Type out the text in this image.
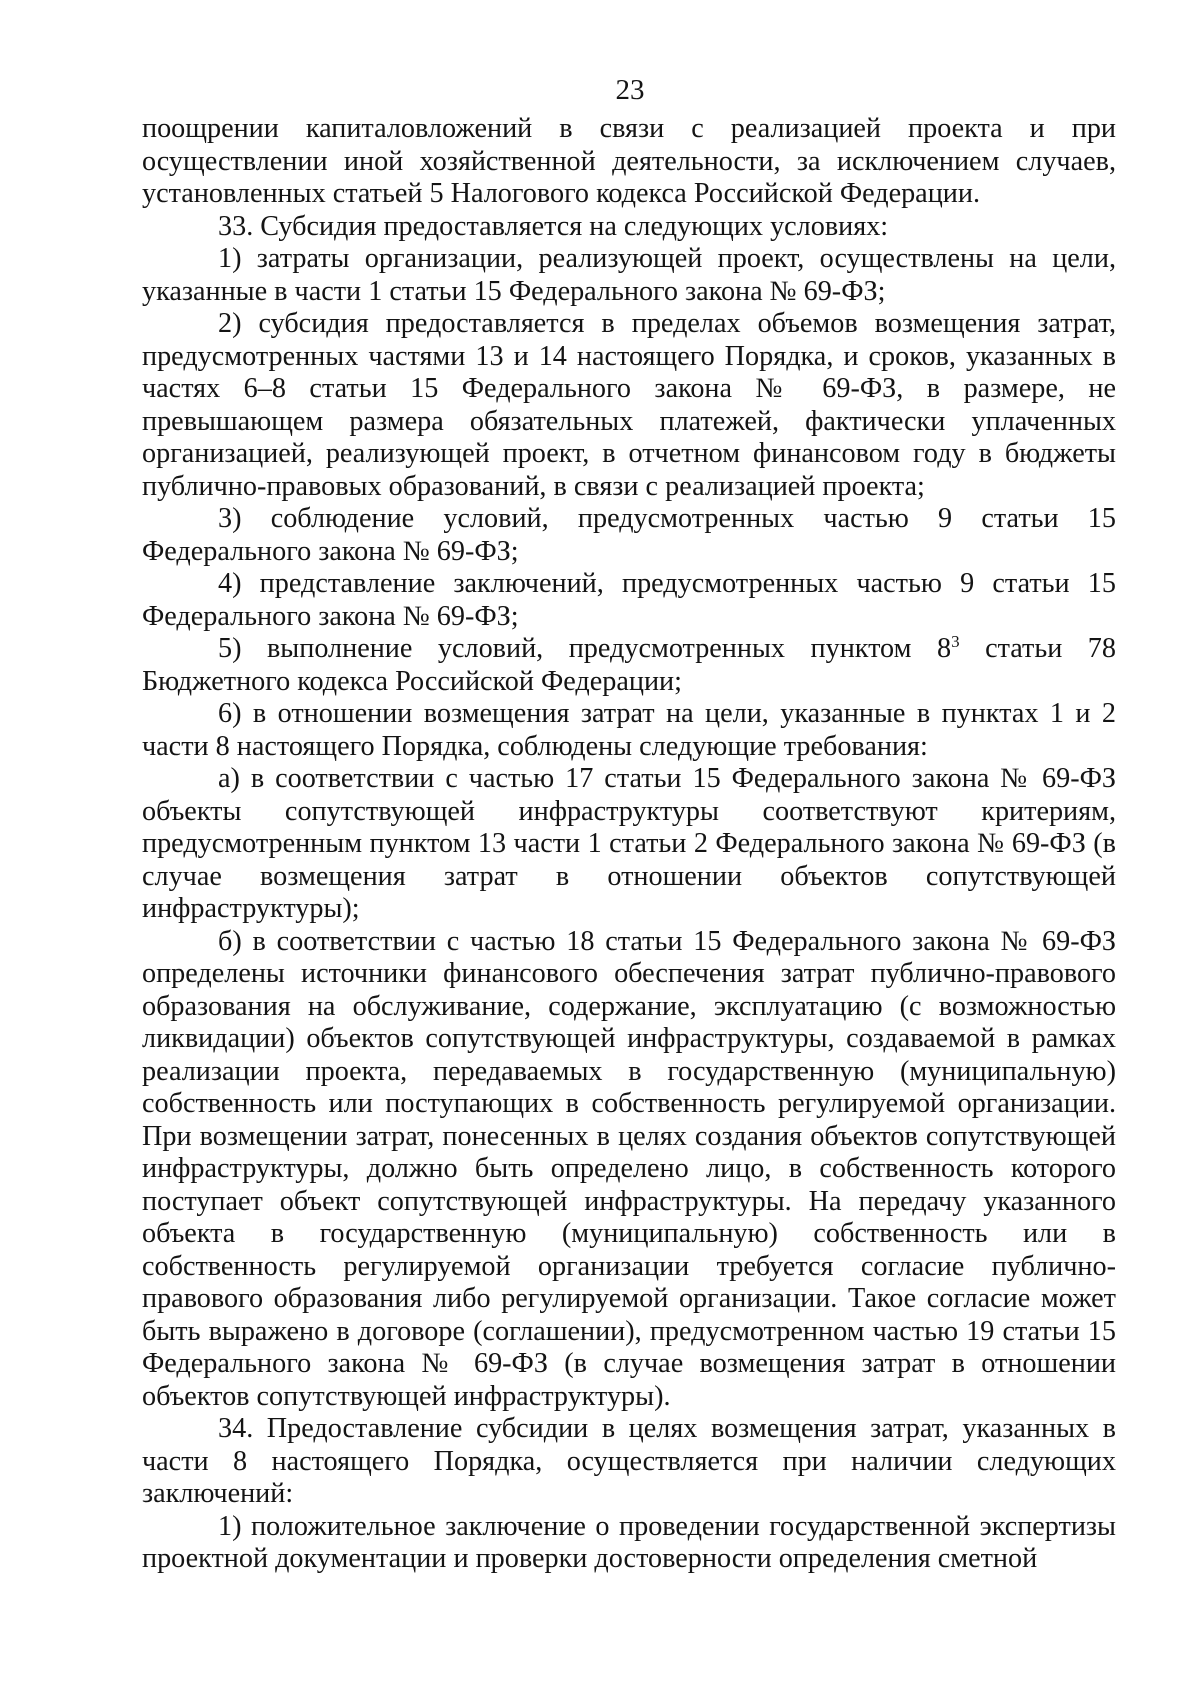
23

поощрении капиталовложений в связи с реализацией проекта и при осуществлении иной хозяйственной деятельности, за исключением случаев, установленных статьей 5 Налогового кодекса Российской Федерации.

33. Субсидия предоставляется на следующих условиях:

1) затраты организации, реализующей проект, осуществлены на цели, указанные в части 1 статьи 15 Федерального закона № 69-ФЗ;

2) субсидия предоставляется в пределах объемов возмещения затрат, предусмотренных частями 13 и 14 настоящего Порядка, и сроков, указанных в частях 6–8 статьи 15 Федерального закона № 69-ФЗ, в размере, не превышающем размера обязательных платежей, фактически уплаченных организацией, реализующей проект, в отчетном финансовом году в бюджеты публично-правовых образований, в связи с реализацией проекта;

3) соблюдение условий, предусмотренных частью 9 статьи 15 Федерального закона № 69-ФЗ;

4) представление заключений, предусмотренных частью 9 статьи 15 Федерального закона № 69-ФЗ;

5) выполнение условий, предусмотренных пунктом $8^3$ статьи 78 Бюджетного кодекса Российской Федерации;

6) в отношении возмещения затрат на цели, указанные в пунктах 1 и 2 части 8 настоящего Порядка, соблюдены следующие требования:

а) в соответствии с частью 17 статьи 15 Федерального закона № 69-ФЗ объекты сопутствующей инфраструктуры соответствуют критериям, предусмотренным пунктом 13 части 1 статьи 2 Федерального закона № 69-ФЗ (в случае возмещения затрат в отношении объектов сопутствующей инфраструктуры);

б) в соответствии с частью 18 статьи 15 Федерального закона № 69-ФЗ определены источники финансового обеспечения затрат публично-правового образования на обслуживание, содержание, эксплуатацию (с возможностью ликвидации) объектов сопутствующей инфраструктуры, создаваемой в рамках реализации проекта, передаваемых в государственную (муниципальную) собственность или поступающих в собственность регулируемой организации. При возмещении затрат, понесенных в целях создания объектов сопутствующей инфраструктуры, должно быть определено лицо, в собственность которого поступает объект сопутствующей инфраструктуры. На передачу указанного объекта в государственную (муниципальную) собственность или в собственность регулируемой организации требуется согласие публично-правового образования либо регулируемой организации. Такое согласие может быть выражено в договоре (соглашении), предусмотренном частью 19 статьи 15 Федерального закона № 69-ФЗ (в случае возмещения затрат в отношении объектов сопутствующей инфраструктуры).

34. Предоставление субсидии в целях возмещения затрат, указанных в части 8 настоящего Порядка, осуществляется при наличии следующих заключений:

1) положительное заключение о проведении государственной экспертизы проектной документации и проверки достоверности определения сметной
